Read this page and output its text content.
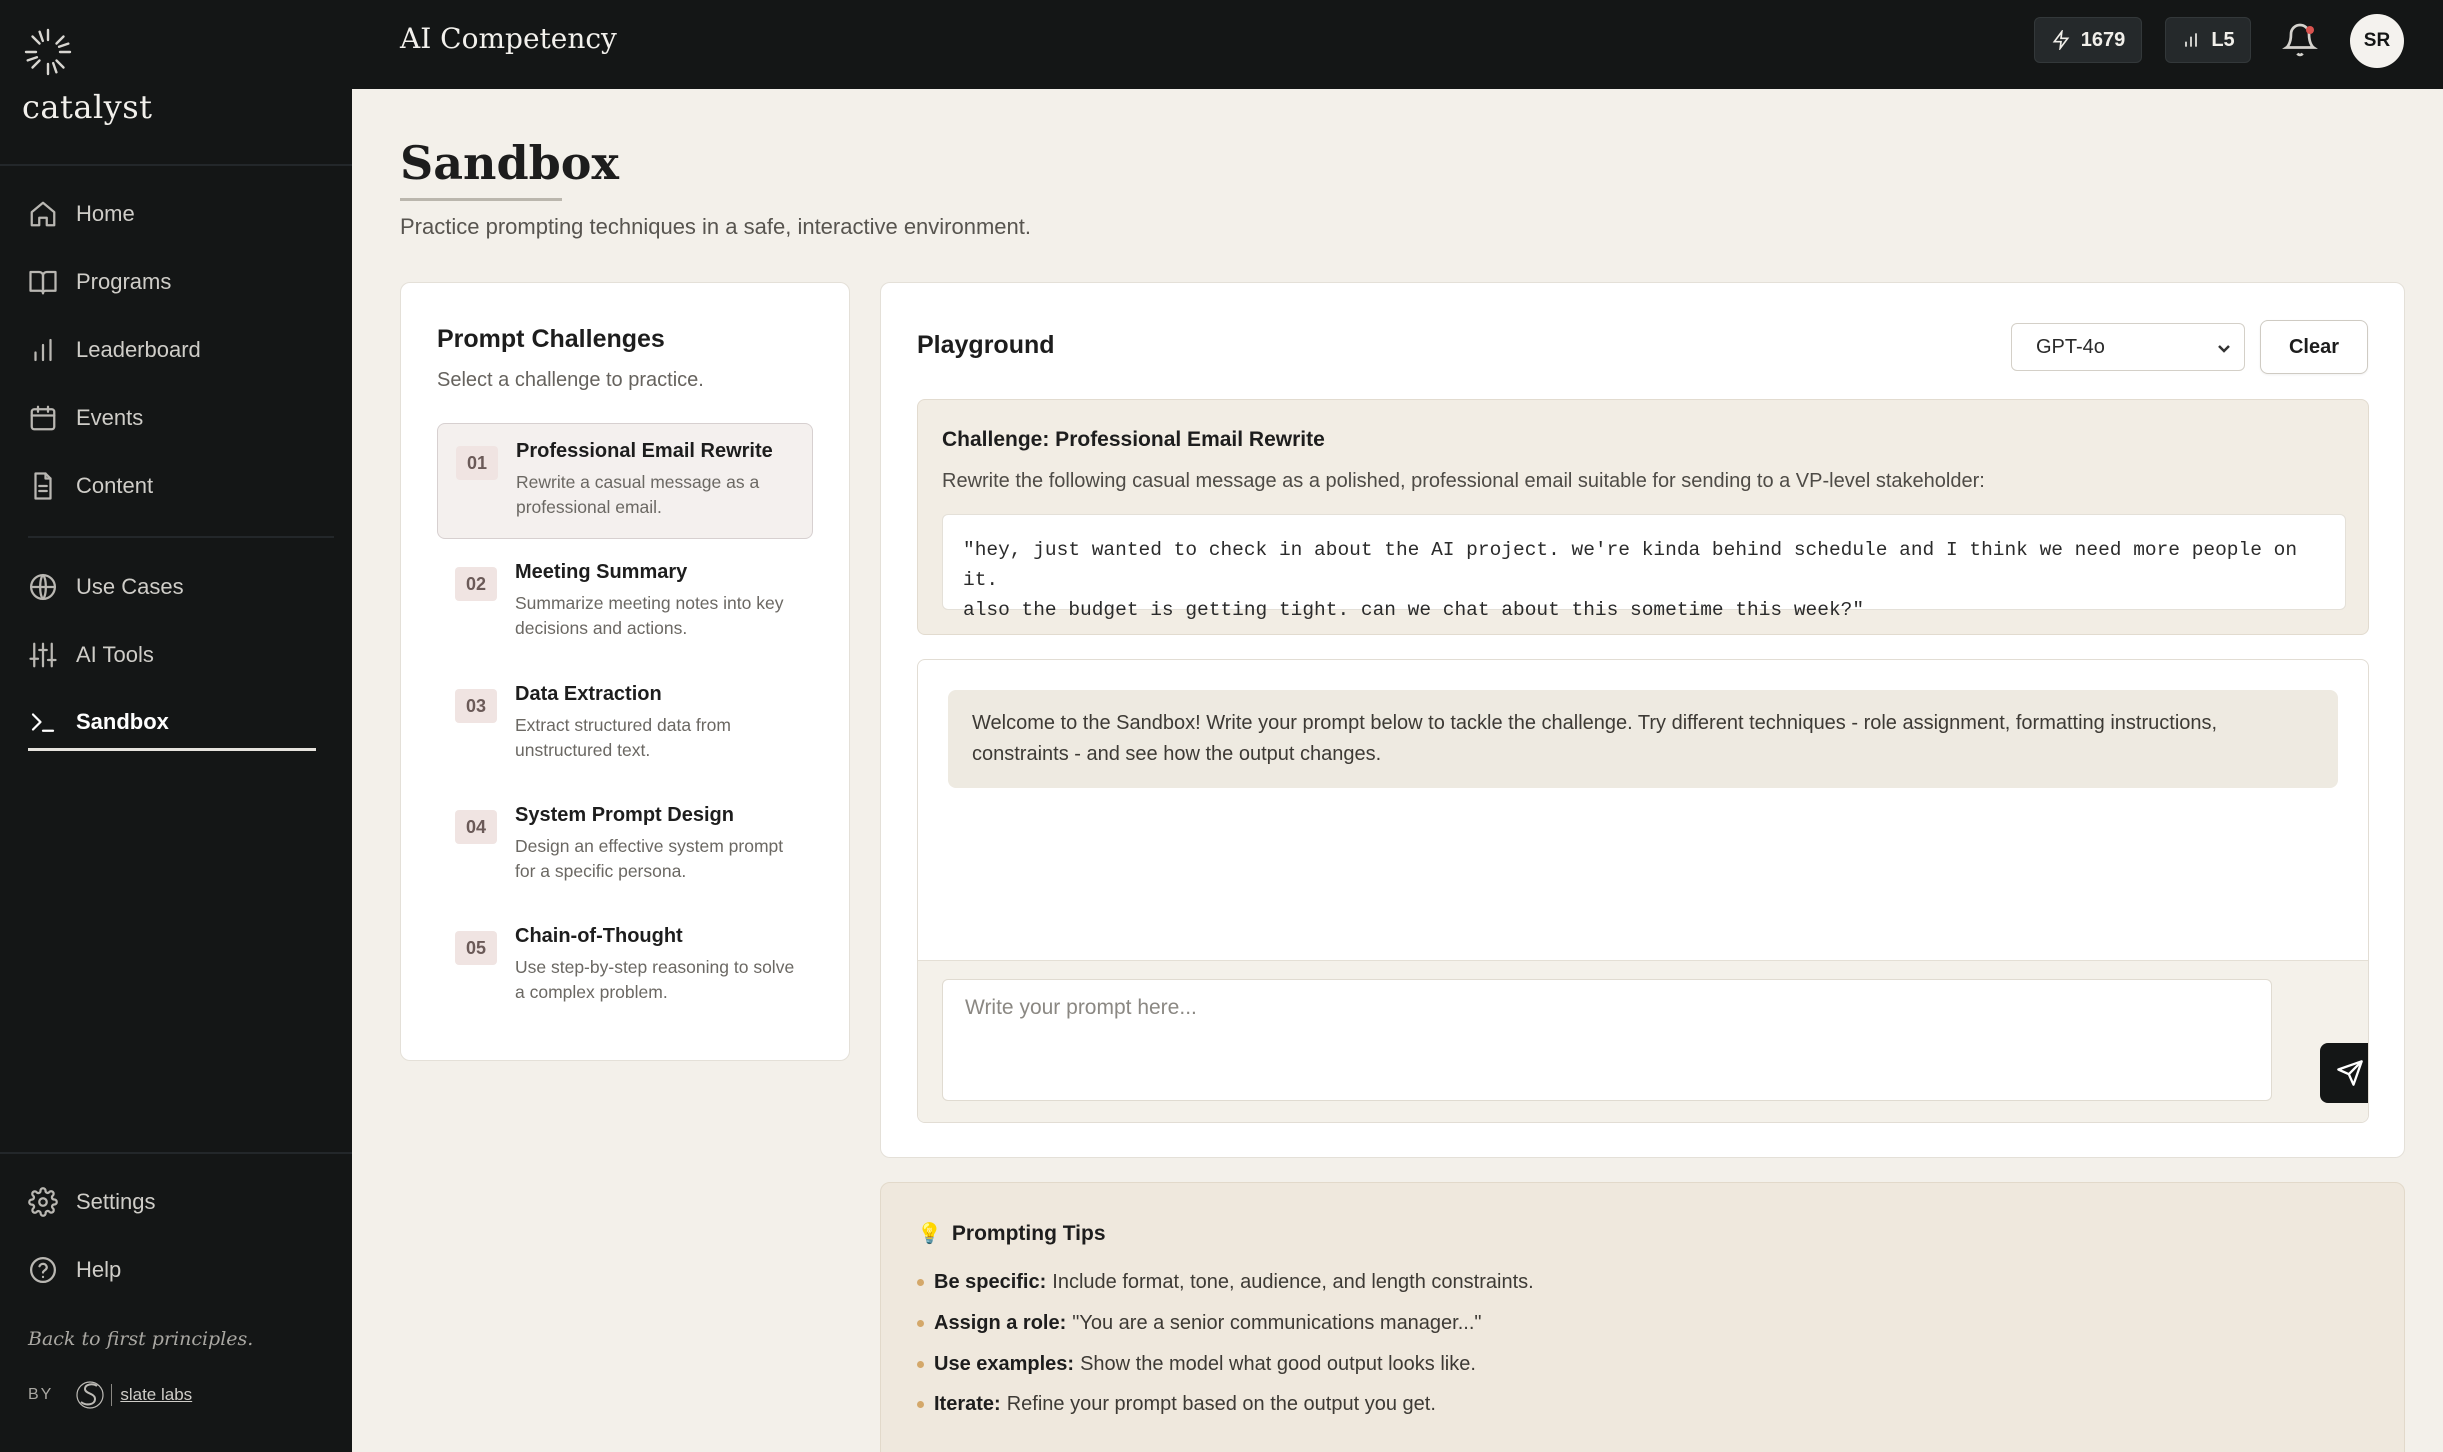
catalyst
Home
Programs
Leaderboard
Events
Content
Use Cases
AI Tools
Sandbox
Settings
Help
Back to first principles.
BY	slate labs
AI Competency	1679	L5	SR
Sandbox

Practice prompting techniques in a safe, interactive environment.

Prompt Challenges

Select a challenge to practice.

01
Professional Email Rewrite
Rewrite a casual message as a professional email.
02
Meeting Summary
Summarize meeting notes into key decisions and actions.
03
Data Extraction
Extract structured data from unstructured text.
04
System Prompt Design
Design an effective system prompt for a specific persona.
05
Chain-of-Thought
Use step-by-step reasoning to solve a complex problem.
Playground	GPT-4o	Clear
Challenge: Professional Email Rewrite
Rewrite the following casual message as a polished, professional email suitable for sending to a VP-level stakeholder:
"hey, just wanted to check in about the AI project. we're kinda behind schedule and I think we need more people on it.
also the budget is getting tight. can we chat about this sometime this week?"
Welcome to the Sandbox! Write your prompt below to tackle the challenge. Try different techniques - role assignment, formatting instructions, constraints - and see how the output changes.
Write your prompt here...
💡 Prompting Tips
Be specific: Include format, tone, audience, and length constraints.
Assign a role: "You are a senior communications manager..."
Use examples: Show the model what good output looks like.
Iterate: Refine your prompt based on the output you get.
